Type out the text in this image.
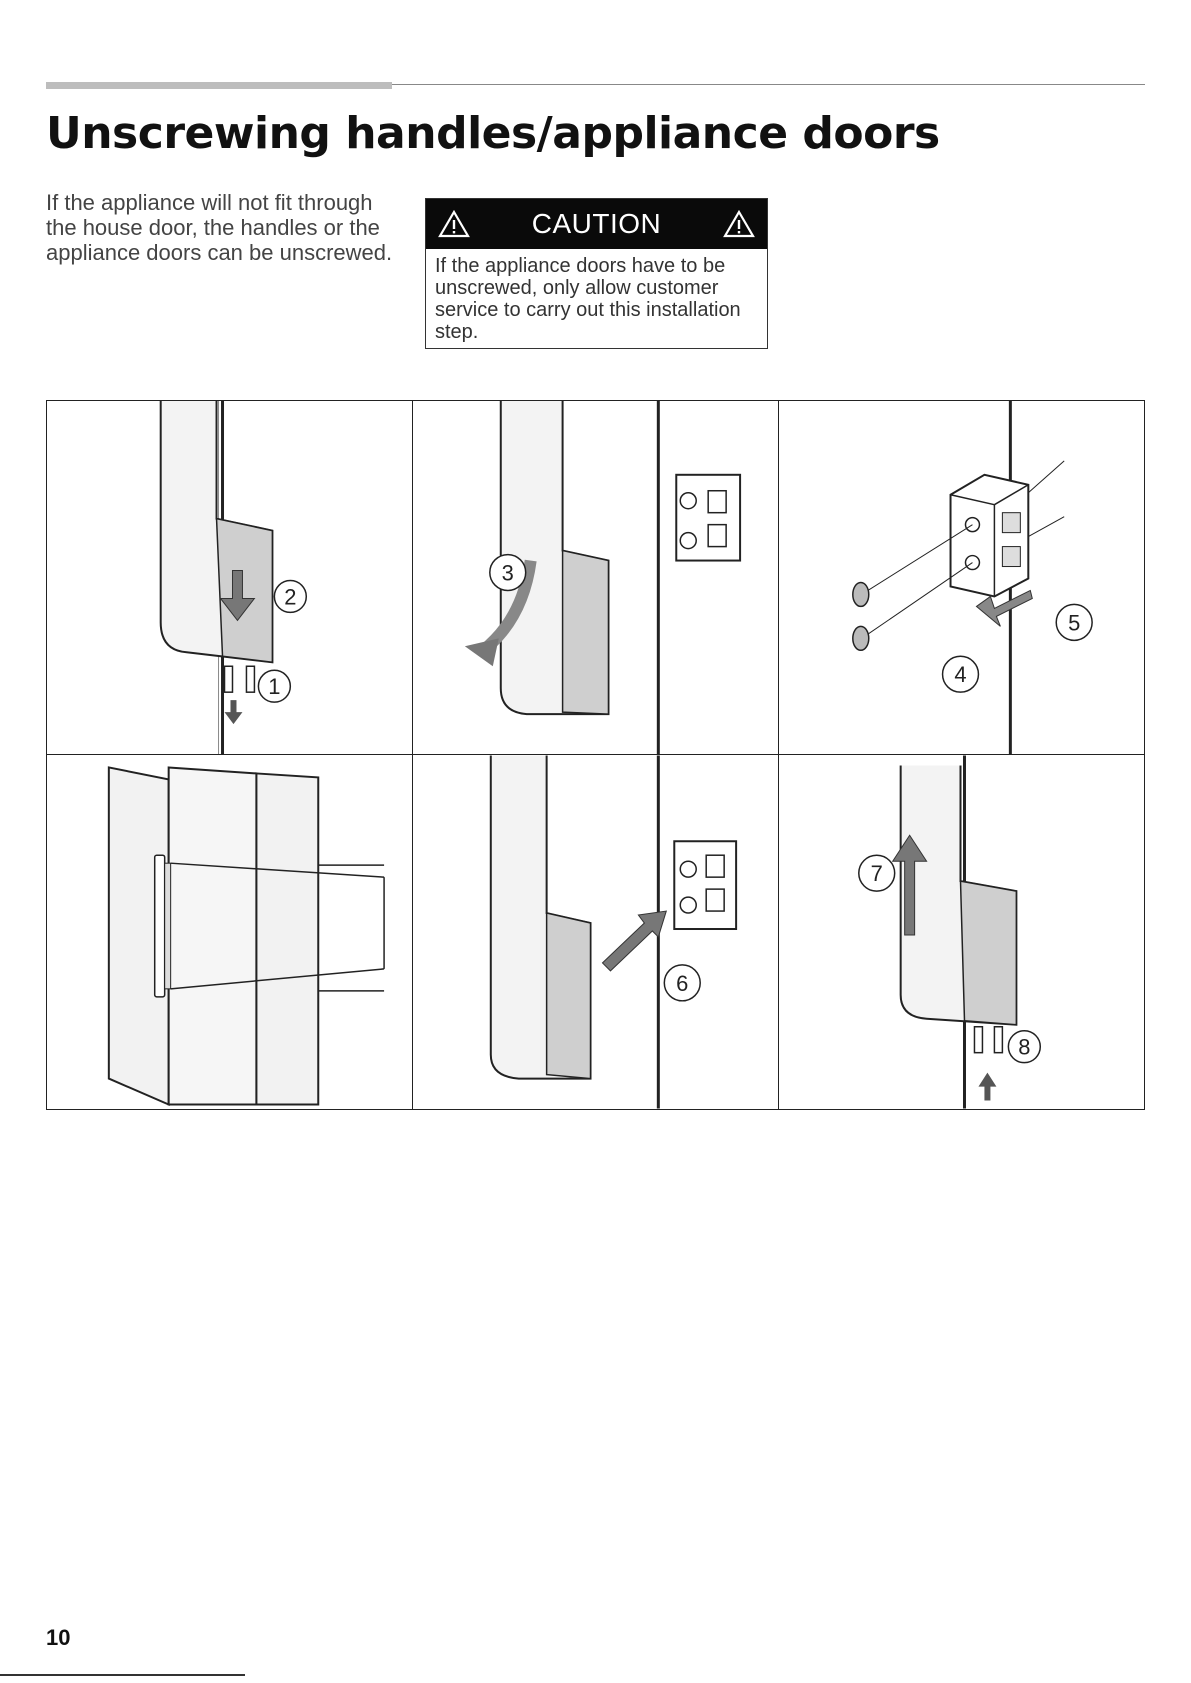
Unscrewing handles/appliance doors

If the appliance will not fit through the house door, the handles or the appliance doors can be unscrewed.

CAUTION

If the appliance doors have to be unscrewed, only allow customer service to carry out this installation step.

2
1
3
5
4
6
7
8
10
